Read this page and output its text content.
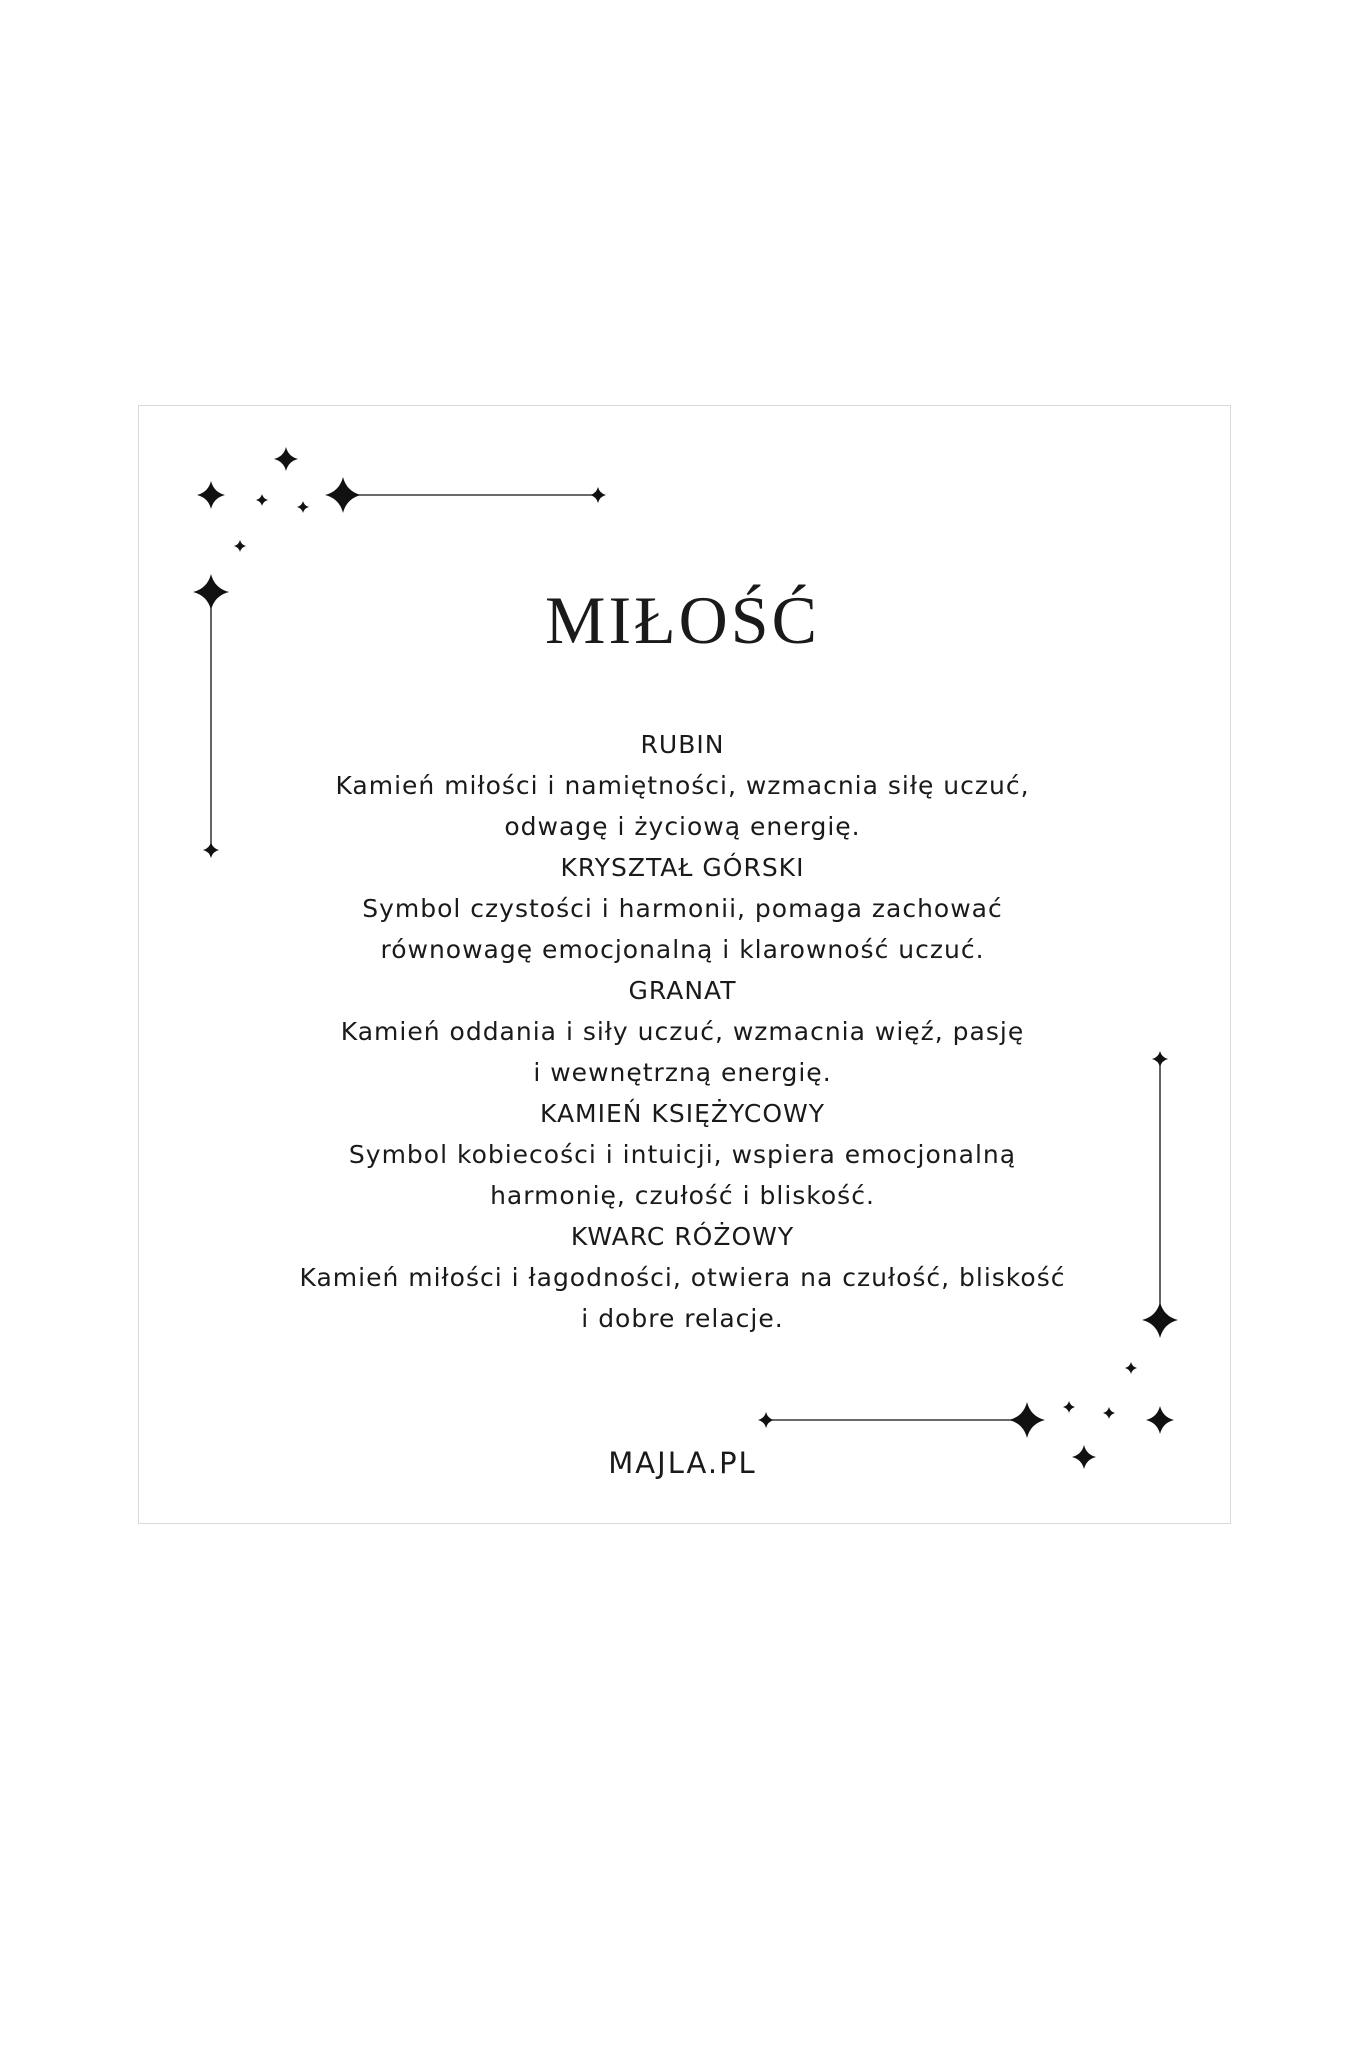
MIŁOŚĆ
RUBIN
Kamień miłości i namiętności, wzmacnia siłę uczuć,
odwagę i życiową energię.
KRYSZTAŁ GÓRSKI
Symbol czystości i harmonii, pomaga zachować
równowagę emocjonalną i klarowność uczuć.
GRANAT
Kamień oddania i siły uczuć, wzmacnia więź, pasję
i wewnętrzną energię.
KAMIEŃ KSIĘŻYCOWY
Symbol kobiecości i intuicji, wspiera emocjonalną
harmonię, czułość i bliskość.
KWARC RÓŻOWY
Kamień miłości i łagodności, otwiera na czułość, bliskość
i dobre relacje.
MAJLA.PL
